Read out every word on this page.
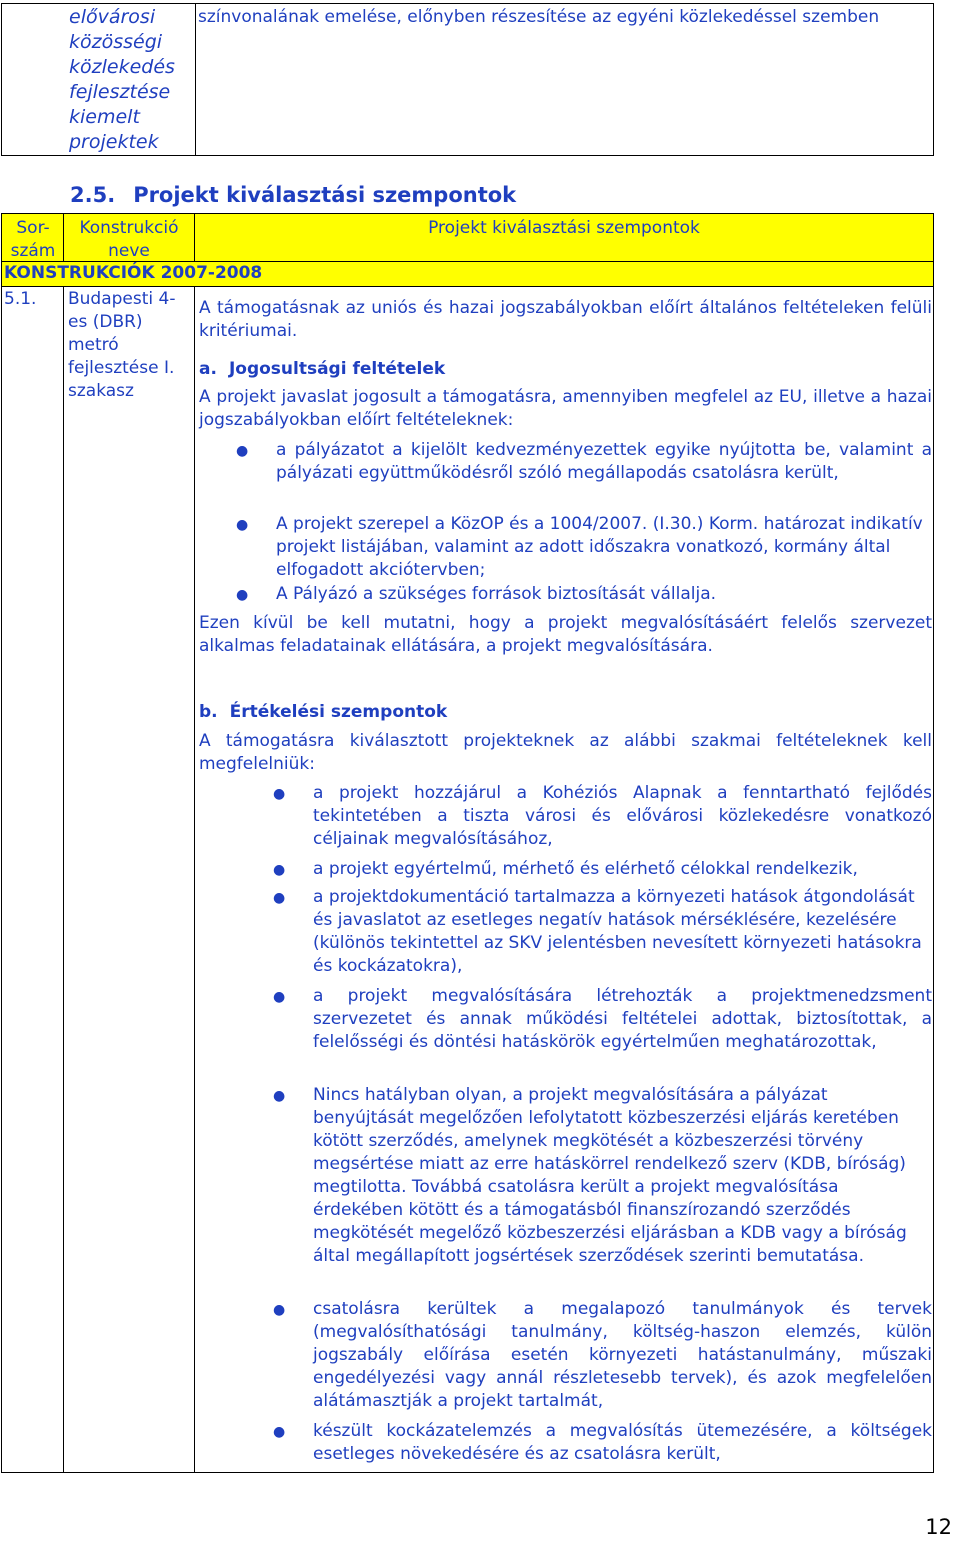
elővárosi közösségi közlekedés fejlesztése kiemelt projektek
színvonalának emelése, előnyben részesítése az egyéni közlekedéssel szemben
2.5. Projekt kiválasztási szempontok
Sor-szám
Konstrukció neve
Projekt kiválasztási szempontok
KONSTRUKCIÓK 2007-2008
5.1. Budapesti 4-es (DBR) metró fejlesztése I. szakasz
A támogatásnak az uniós és hazai jogszabályokban előírt általános feltételeken felüli kritériumai.
a. Jogosultsági feltételek
A projekt javaslat jogosult a támogatásra, amennyiben megfelel az EU, illetve a hazai jogszabályokban előírt feltételeknek:
● a pályázatot a kijelölt kedvezményezettek egyike nyújtotta be, valamint a pályázati együttműködésről szóló megállapodás csatolásra került,
● A projekt szerepel a KözOP és a 1004/2007. (I.30.) Korm. határozat indikatív projekt listájában, valamint az adott időszakra vonatkozó, kormány által elfogadott akciótervben;
● A Pályázó a szükséges források biztosítását vállalja.
Ezen kívül be kell mutatni, hogy a projekt megvalósításáért felelős szervezet alkalmas feladatainak ellátására, a projekt megvalósítására.
b. Értékelési szempontok
A támogatásra kiválasztott projekteknek az alábbi szakmai feltételeknek kell megfelelniük:
● a projekt hozzájárul a Kohéziós Alapnak a fenntartható fejlődés tekintetében a tiszta városi és elővárosi közlekedésre vonatkozó céljainak megvalósításához,
● a projekt egyértelmű, mérhető és elérhető célokkal rendelkezik,
● a projektdokumentáció tartalmazza a környezeti hatások átgondolását és javaslatot az esetleges negatív hatások mérséklésére, kezelésére (különös tekintettel az SKV jelentésben nevesített környezeti hatásokra és kockázatokra),
● a projekt megvalósítására létrehozták a projektmenedzsment szervezetet és annak működési feltételei adottak, biztosítottak, a felelősségi és döntési hatáskörök egyértelműen meghatározottak,
● Nincs hatályban olyan, a projekt megvalósítására a pályázat benyújtását megelőzően lefolytatott közbeszerzési eljárás keretében kötött szerződés, amelynek megkötését a közbeszerzési törvény megsértése miatt az erre hatáskörrel rendelkező szerv (KDB, bíróság) megtilotta. Továbbá csatolásra került a projekt megvalósítása érdekében kötött és a támogatásból finanszírozandó szerződés megkötését megelőző közbeszerzési eljárásban a KDB vagy a bíróság által megállapított jogsértések szerződések szerinti bemutatása.
● csatolásra kerültek a megalapozó tanulmányok és tervek (megvalósíthatósági tanulmány, költség-haszon elemzés, külön jogszabály előírása esetén környezeti hatástanulmány, műszaki engedélyezési vagy annál részletesebb tervek), és azok megfelelően alátámasztják a projekt tartalmát,
● készült kockázatelemzés a megvalósítás ütemezésére, a költségek esetleges növekedésére és az csatolásra került,
12
